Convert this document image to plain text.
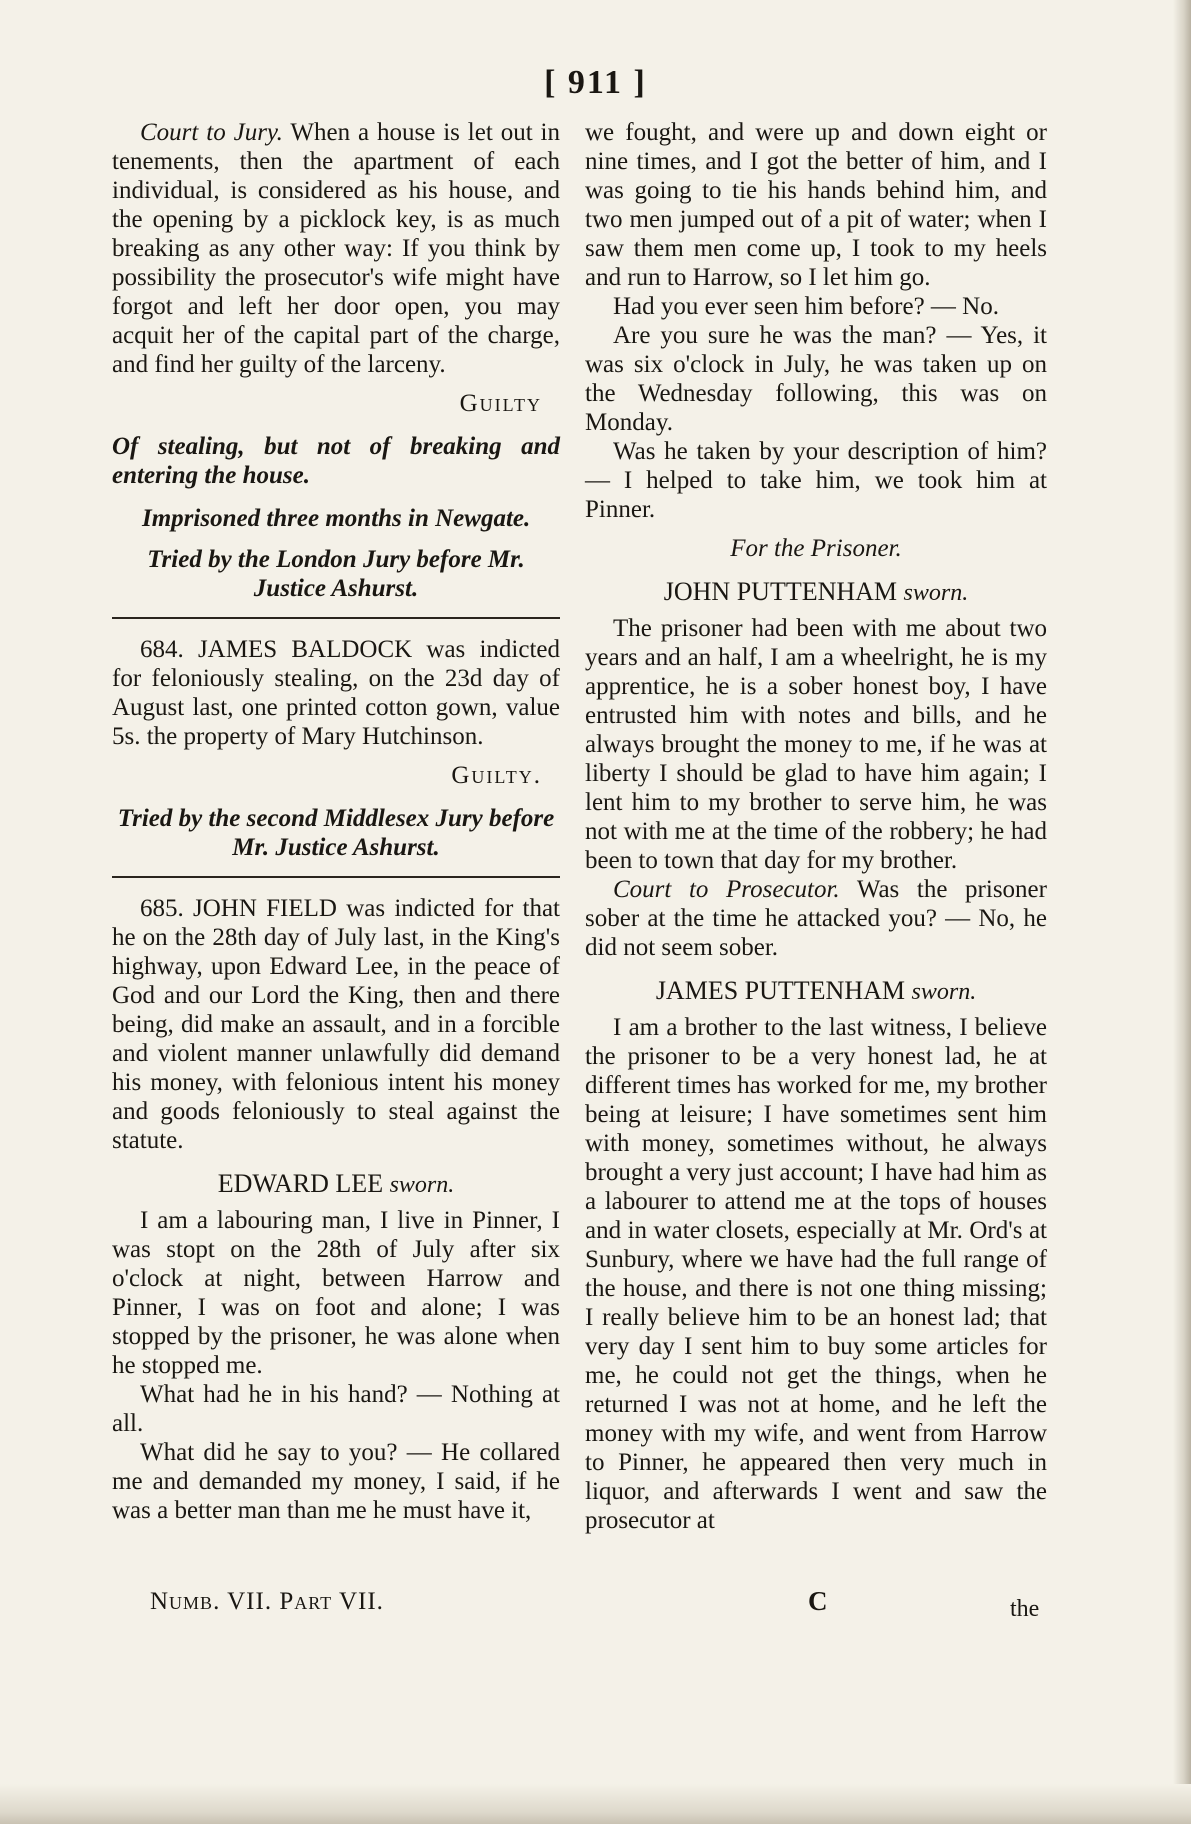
[ 911 ]

Court to Jury. When a house is let out in tenements, then the apartment of each individual, is considered as his house, and the opening by a picklock key, is as much breaking as any other way: If you think by possibility the prosecutor's wife might have forgot and left her door open, you may acquit her of the capital part of the charge, and find her guilty of the larceny.

Guilty

Of stealing, but not of breaking and entering the house.

Imprisoned three months in Newgate.
Tried by the London Jury before Mr.
Justice Ashurst.

684. JAMES BALDOCK was indicted for feloniously stealing, on the 23d day of August last, one printed cotton gown, value 5s. the property of Mary Hutchinson.

Guilty.
Tried by the second Middlesex Jury before
Mr. Justice Ashurst.

685. JOHN FIELD was indicted for that he on the 28th day of July last, in the King's highway, upon Edward Lee, in the peace of God and our Lord the King, then and there being, did make an assault, and in a forcible and violent manner unlawfully did demand his money, with felonious intent his money and goods feloniously to steal against the statute.

EDWARD LEE sworn.

I am a labouring man, I live in Pinner, I was stopt on the 28th of July after six o'clock at night, between Harrow and Pinner, I was on foot and alone; I was stopped by the prisoner, he was alone when he stopped me.

What had he in his hand? — Nothing at all.

What did he say to you? — He collared me and demanded my money, I said, if he was a better man than me he must have it,

we fought, and were up and down eight or nine times, and I got the better of him, and I was going to tie his hands behind him, and two men jumped out of a pit of water; when I saw them men come up, I took to my heels and run to Harrow, so I let him go.

Had you ever seen him before? — No.

Are you sure he was the man? — Yes, it was six o'clock in July, he was taken up on the Wednesday following, this was on Monday.

Was he taken by your description of him? — I helped to take him, we took him at Pinner.

For the Prisoner.
JOHN PUTTENHAM sworn.

The prisoner had been with me about two years and an half, I am a wheelright, he is my apprentice, he is a sober honest boy, I have entrusted him with notes and bills, and he always brought the money to me, if he was at liberty I should be glad to have him again; I lent him to my brother to serve him, he was not with me at the time of the robbery; he had been to town that day for my brother.

Court to Prosecutor. Was the prisoner sober at the time he attacked you? — No, he did not seem sober.

JAMES PUTTENHAM sworn.

I am a brother to the last witness, I believe the prisoner to be a very honest lad, he at different times has worked for me, my brother being at leisure; I have sometimes sent him with money, sometimes without, he always brought a very just account; I have had him as a labourer to attend me at the tops of houses and in water closets, especially at Mr. Ord's at Sunbury, where we have had the full range of the house, and there is not one thing missing; I really believe him to be an honest lad; that very day I sent him to buy some articles for me, he could not get the things, when he returned I was not at home, and he left the money with my wife, and went from Harrow to Pinner, he appeared then very much in liquor, and afterwards I went and saw the prosecutor at

Numb. VII. Part VII.	C	the
